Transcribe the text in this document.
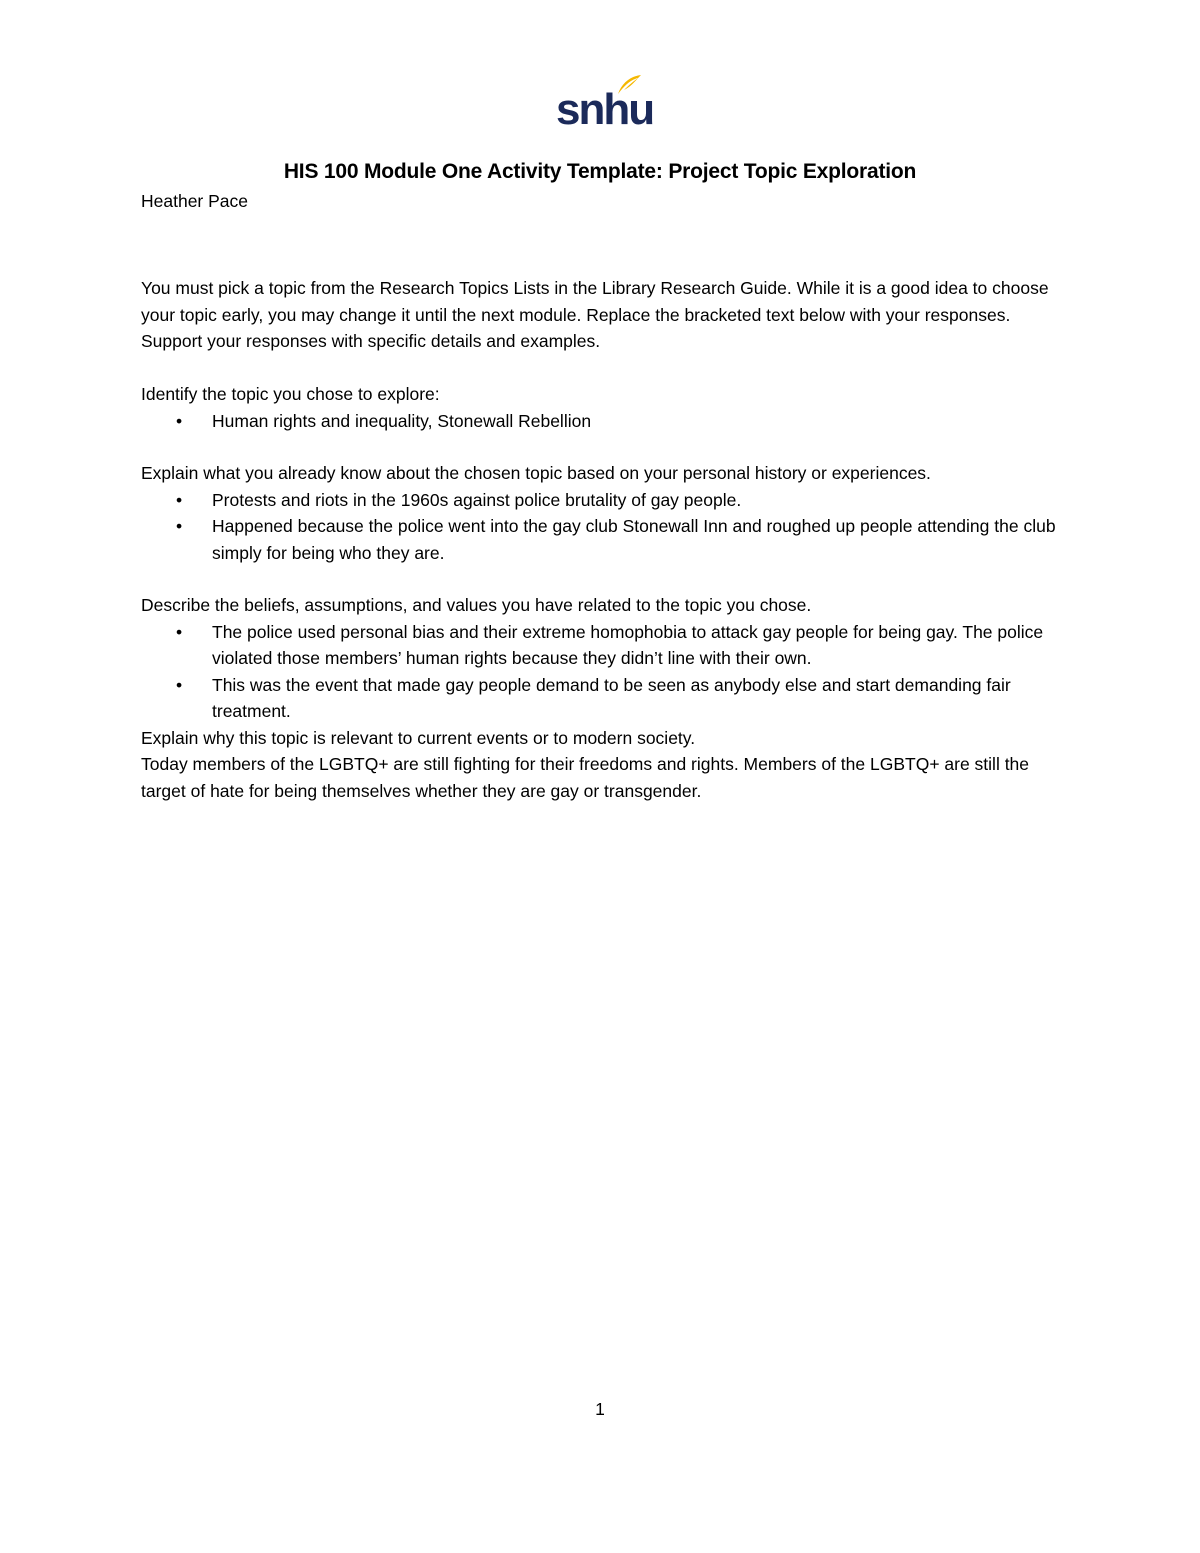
snhu
HIS 100 Module One Activity Template: Project Topic Exploration
Heather Pace

You must pick a topic from the Research Topics Lists in the Library Research Guide. While it is a good idea to choose your topic early, you may change it until the next module. Replace the bracketed text below with your responses. Support your responses with specific details and examples.

Identify the topic you chose to explore:

• Human rights and inequality, Stonewall Rebellion

Explain what you already know about the chosen topic based on your personal history or experiences.

• Protests and riots in the 1960s against police brutality of gay people.
• Happened because the police went into the gay club Stonewall Inn and roughed up people attending the club simply for being who they are.

Describe the beliefs, assumptions, and values you have related to the topic you chose.

• The police used personal bias and their extreme homophobia to attack gay people for being gay. The police violated those members’ human rights because they didn’t line with their own.
• This was the event that made gay people demand to be seen as anybody else and start demanding fair treatment.

Explain why this topic is relevant to current events or to modern society.

Today members of the LGBTQ+ are still fighting for their freedoms and rights. Members of the LGBTQ+ are still the target of hate for being themselves whether they are gay or transgender.

1
